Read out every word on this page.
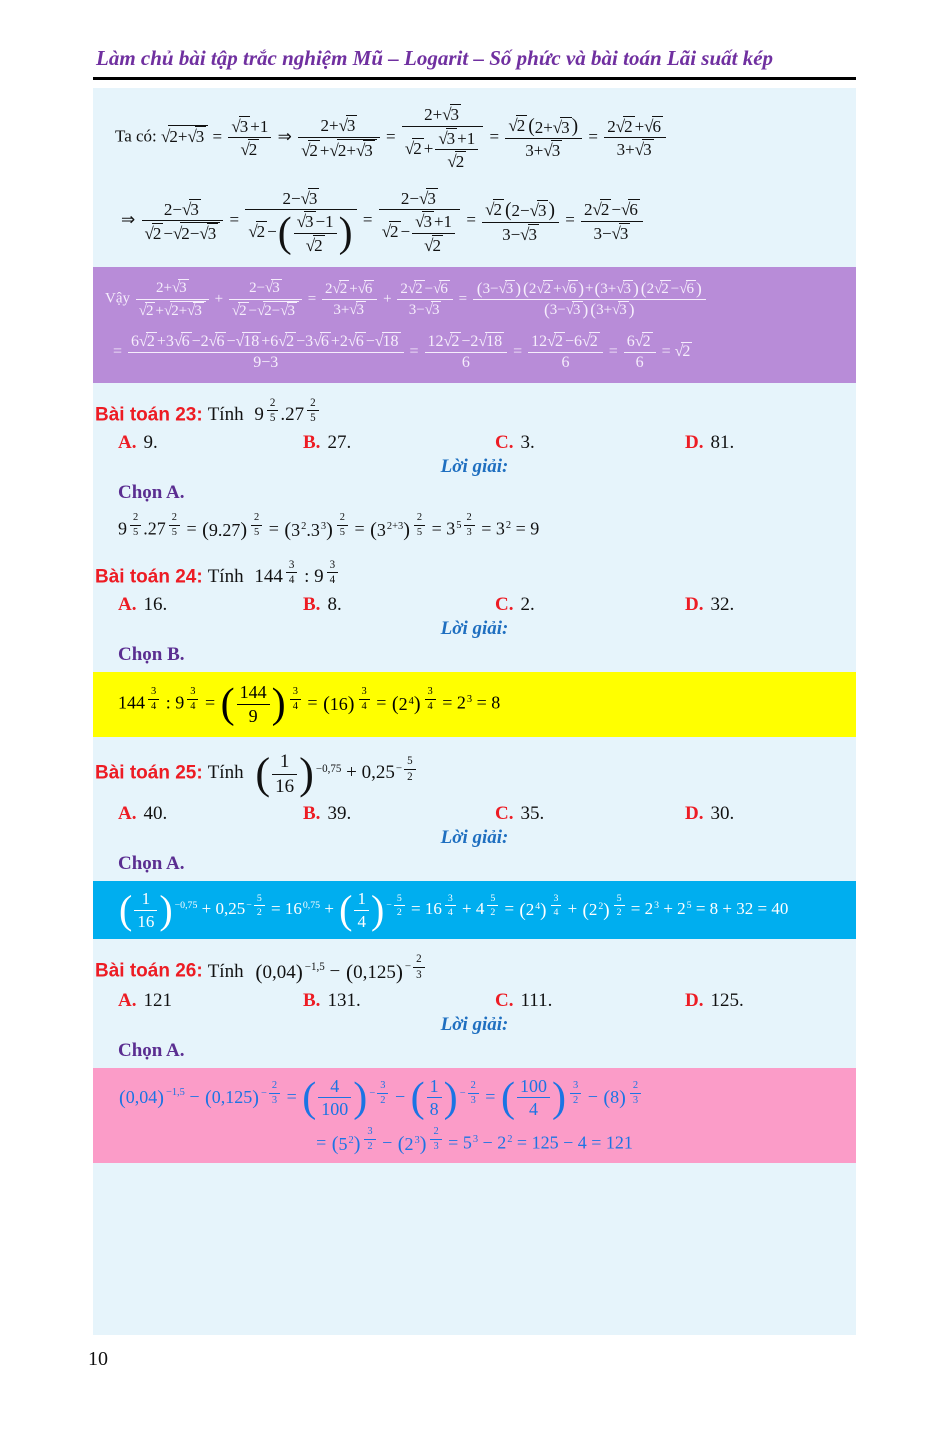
Làm chủ bài tập trắc nghiệm Mũ – Logarit – Số phức và bài toán Lãi suất kép
Ta có: $√2+√3 = \frac{√3 +1}{√2}$ ⇒ $\frac{2+√3}{√2 +√2+√3} = \frac{2+√3}{√2 + \frac{√3 +1}{√2}} = \frac{√2 ( 2+√3 )}{3+√3} = \frac{2√2 +√6}{3+√3}$
⇒ $\frac{2-√3}{√2 -√2-√3} = \frac{2-√3}{√2 - ( \frac{√3 -1}{√2} )} = \frac{2-√3}{√2 - \frac{√3 +1}{√2}} = \frac{√2 ( 2-√3 )}{3-√3} = \frac{2√2 -√6}{3-√3}$
Vậy $\frac{2+√3}{√2 +√2+√3} + \frac{2-√3}{√2 -√2-√3} = \frac{2√2 +√6}{3+√3} + \frac{2√2 -√6}{3-√3} = \frac{( 3-√3 ) ( 2√2 +√6 ) + ( 3+√3 ) ( 2√2 -√6 )}{( 3-√3 ) ( 3+√3 )}$
= $\frac{6√2 +3√6 -2√6 -√18 +6√2 -3√6 +2√6 -√18}{9-3} = \frac{12√2 -2√18}{6} = \frac{12√2 -6√2}{6} = \frac{6√2}{6} = √2$
Bài toán 23: Tính 9 $^{\frac{2}{5}}$ .27 $^{\frac{2}{5}}$
A. 9.	B. 27.	C. 3.	D. 81.
Lời giải:
Chọn A.
9 $^{\frac{2}{5}}$ .27 $^{\frac{2}{5}}$ = ( 9.27 ) $^{\frac{2}{5}}$ = ( $3^2.3^3$ ) $^{\frac{2}{5}}$ = ( $3^{2+3}$ ) $^{\frac{2}{5}} = 3^{5 \frac{2}{3}} = 3^2 = 9$
Bài toán 24: Tính 144 $^{\frac{3}{4}}$ : 9 $^{\frac{3}{4}}$
A. 16.	B. 8.	C. 2.	D. 32.
Lời giải:
Chọn B.
144 $^{\frac{3}{4}}$ : 9 $^{\frac{3}{4}}$ = ( $\frac{144}{9}$ ) $^{\frac{3}{4}}$ = ( 16 ) $^{\frac{3}{4}}$ = ( $2^4$ ) $^{\frac{3}{4}} = 2^3 = 8$
Bài toán 25: Tính ( $\frac{1}{16}$ ) $^{-0,75} + 0,25^{- \frac{5}{2}}$
A. 40.	B. 39.	C. 35.	D. 30.
Lời giải:
Chọn A.
( $\frac{1}{16}$ ) $^{-0,75} + 0,25^{- \frac{5}{2}} = 16^{0,75}$ + ( $\frac{1}{4}$ ) $^{- \frac{5}{2}}$ = 16 $^{\frac{3}{4}}$ + 4 $^{\frac{5}{2}}$ = ( $2^4$ ) $^{\frac{3}{4}}$ + ( $2^2$ ) $^{\frac{5}{2}} = 2^3 + 2^5 = 8 + 32 = 40$
Bài toán 26: Tính ( 0,04 ) $^{-1,5}$ − ( 0,125 ) $^{- \frac{2}{3}}$
A. 121	B. 131.	C. 111.	D. 125.
Lời giải:
Chọn A.
( 0,04 ) $^{-1,5}$ − ( 0,125 ) $^{- \frac{2}{3}}$ = ( $\frac{4}{100}$ ) $^{- \frac{3}{2}}$ − ( $\frac{1}{8}$ ) $^{- \frac{2}{3}}$ = ( $\frac{100}{4}$ ) $^{\frac{3}{2}}$ − ( 8 ) $^{\frac{2}{3}}$
= ( $5^2$ ) $^{\frac{3}{2}}$ − ( $2^3$ ) $^{\frac{2}{3}} = 5^3 - 2^2 = 125 - 4 = 121$
10
